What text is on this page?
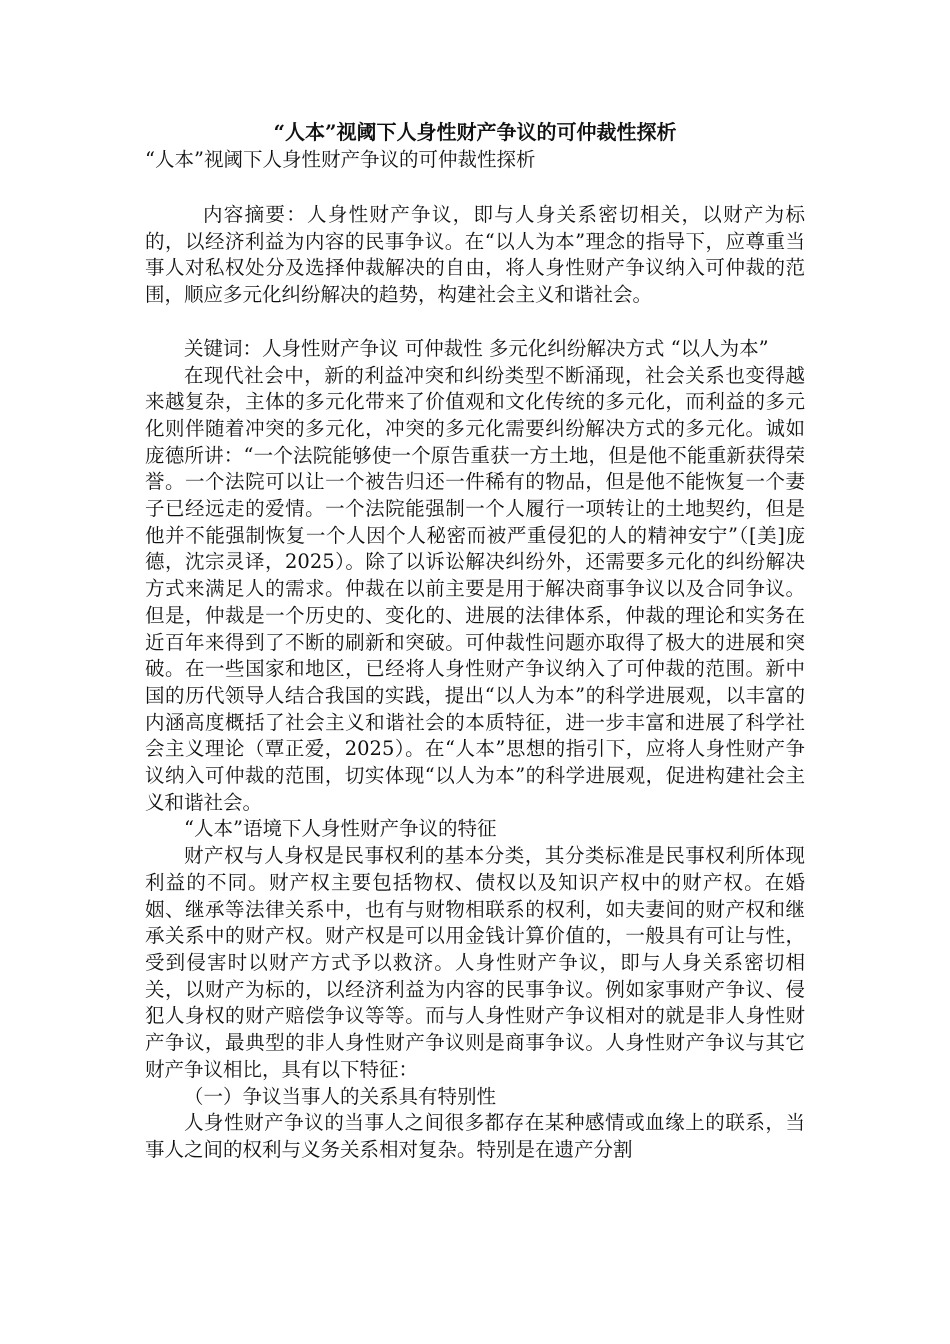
“人本”视阈下人身性财产争议的可仲裁性探析
“人本”视阈下人身性财产争议的可仲裁性探析

内容摘要：人身性财产争议，即与人身关系密切相关，以财产为标的，以经济利益为内容的民事争议。在“以人为本”理念的指导下，应尊重当事人对私权处分及选择仲裁解决的自由，将人身性财产争议纳入可仲裁的范围，顺应多元化纠纷解决的趋势，构建社会主义和谐社会。

关键词：人身性财产争议 可仲裁性 多元化纠纷解决方式 “以人为本”

在现代社会中，新的利益冲突和纠纷类型不断涌现，社会关系也变得越来越复杂，主体的多元化带来了价值观和文化传统的多元化，而利益的多元化则伴随着冲突的多元化，冲突的多元化需要纠纷解决方式的多元化。诚如庞德所讲：“一个法院能够使一个原告重获一方土地，但是他不能重新获得荣誉。一个法院可以让一个被告归还一件稀有的物品，但是他不能恢复一个妻子已经远走的爱情。一个法院能强制一个人履行一项转让的土地契约，但是他并不能强制恢复一个人因个人秘密而被严重侵犯的人的精神安宁”（[美]庞德，沈宗灵译，2025）。除了以诉讼解决纠纷外，还需要多元化的纠纷解决方式来满足人的需求。仲裁在以前主要是用于解决商事争议以及合同争议。但是，仲裁是一个历史的、变化的、进展的法律体系，仲裁的理论和实务在近百年来得到了不断的刷新和突破。可仲裁性问题亦取得了极大的进展和突破。在一些国家和地区，已经将人身性财产争议纳入了可仲裁的范围。新中国的历代领导人结合我国的实践，提出“以人为本”的科学进展观，以丰富的内涵高度概括了社会主义和谐社会的本质特征，进一步丰富和进展了科学社会主义理论（覃正爱，2025）。在“人本”思想的指引下，应将人身性财产争议纳入可仲裁的范围，切实体现“以人为本”的科学进展观，促进构建社会主义和谐社会。

“人本”语境下人身性财产争议的特征

财产权与人身权是民事权利的基本分类，其分类标准是民事权利所体现利益的不同。财产权主要包括物权、债权以及知识产权中的财产权。在婚姻、继承等法律关系中，也有与财物相联系的权利，如夫妻间的财产权和继承关系中的财产权。财产权是可以用金钱计算价值的，一般具有可让与性，受到侵害时以财产方式予以救济。人身性财产争议，即与人身关系密切相关，以财产为标的，以经济利益为内容的民事争议。例如家事财产争议、侵犯人身权的财产赔偿争议等等。而与人身性财产争议相对的就是非人身性财产争议，最典型的非人身性财产争议则是商事争议。人身性财产争议与其它财产争议相比，具有以下特征：

（一）争议当事人的关系具有特别性

人身性财产争议的当事人之间很多都存在某种感情或血缘上的联系，当事人之间的权利与义务关系相对复杂。特别是在遗产分割
